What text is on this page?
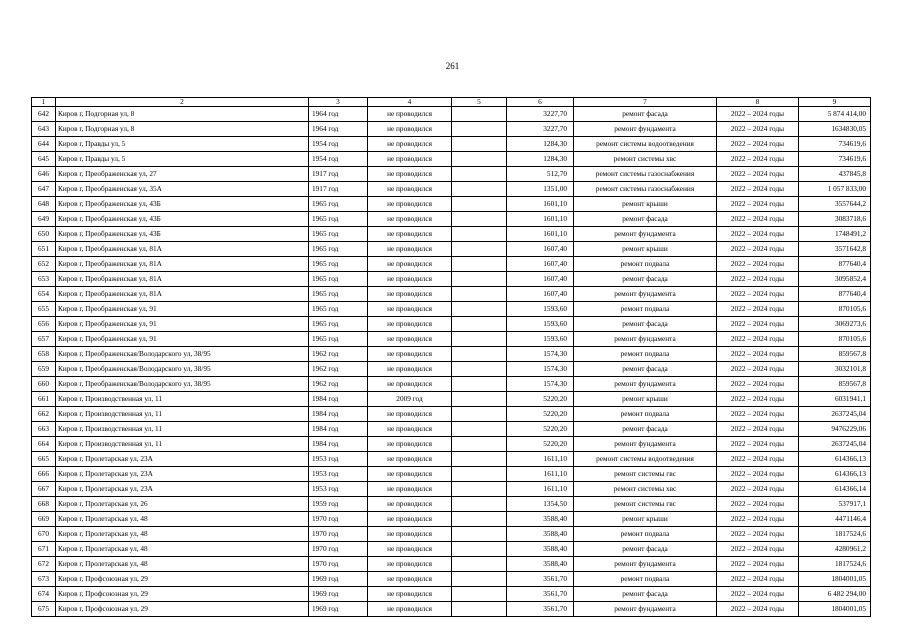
261
1	2	3	4	5	6	7	8	9
642	Киров г, Подгорная ул, 8	1964 год	не проводился		3227,70	ремонт фасада	2022 – 2024 годы	5 874 414,00
643	Киров г, Подгорная ул, 8	1964 год	не проводился		3227,70	ремонт фундамента	2022 – 2024 годы	1634830,05
644	Киров г, Правды ул, 5	1954 год	не проводился		1284,30	ремонт системы водоотведения	2022 – 2024 годы	734619,6
645	Киров г, Правды ул, 5	1954 год	не проводился		1284,30	ремонт системы хвс	2022 – 2024 годы	734619,6
646	Киров г, Преображенская ул, 27	1917 год	не проводился		512,70	ремонт системы газоснабжения	2022 – 2024 годы	437845,8
647	Киров г, Преображенская ул, 35А	1917 год	не проводился		1351,00	ремонт системы газоснабжения	2022 – 2024 годы	1 057 833,00
648	Киров г, Преображенская ул, 43Б	1965 год	не проводился		1601,10	ремонт крыши	2022 – 2024 годы	3557644,2
649	Киров г, Преображенская ул, 43Б	1965 год	не проводился		1601,10	ремонт фасада	2022 – 2024 годы	3083718,6
650	Киров г, Преображенская ул, 43Б	1965 год	не проводился		1601,10	ремонт фундамента	2022 – 2024 годы	1748491,2
651	Киров г, Преображенская ул, 81А	1965 год	не проводился		1607,40	ремонт крыши	2022 – 2024 годы	3571642,8
652	Киров г, Преображенская ул, 81А	1965 год	не проводился		1607,40	ремонт подвала	2022 – 2024 годы	877640,4
653	Киров г, Преображенская ул, 81А	1965 год	не проводился		1607,40	ремонт фасада	2022 – 2024 годы	3095852,4
654	Киров г, Преображенская ул, 81А	1965 год	не проводился		1607,40	ремонт фундамента	2022 – 2024 годы	877640,4
655	Киров г, Преображенская ул, 91	1965 год	не проводился		1593,60	ремонт подвала	2022 – 2024 годы	870105,6
656	Киров г, Преображенская ул, 91	1965 год	не проводился		1593,60	ремонт фасада	2022 – 2024 годы	3069273,6
657	Киров г, Преображенская ул, 91	1965 год	не проводился		1593,60	ремонт фундамента	2022 – 2024 годы	870105,6
658	Киров г, Преображенская/Володарского ул, 38/95	1962 год	не проводился		1574,30	ремонт подвала	2022 – 2024 годы	859567,8
659	Киров г, Преображенская/Володарского ул, 38/95	1962 год	не проводился		1574,30	ремонт фасада	2022 – 2024 годы	3032101,8
660	Киров г, Преображенская/Володарского ул, 38/95	1962 год	не проводился		1574,30	ремонт фундамента	2022 – 2024 годы	859567,8
661	Киров г, Производственная ул, 11	1984 год	2009 год		5220,20	ремонт крыши	2022 – 2024 годы	6031941,1
662	Киров г, Производственная ул, 11	1984 год	не проводился		5220,20	ремонт подвала	2022 – 2024 годы	2637245,04
663	Киров г, Производственная ул, 11	1984 год	не проводился		5220,20	ремонт фасада	2022 – 2024 годы	9476229,06
664	Киров г, Производственная ул, 11	1984 год	не проводился		5220,20	ремонт фундамента	2022 – 2024 годы	2637245,04
665	Киров г, Пролетарская ул, 23А	1953 год	не проводился		1611,10	ремонт системы водоотведения	2022 – 2024 годы	614366,13
666	Киров г, Пролетарская ул, 23А	1953 год	не проводился		1611,10	ремонт системы гвс	2022 – 2024 годы	614366,13
667	Киров г, Пролетарская ул, 23А	1953 год	не проводился		1611,10	ремонт системы хвс	2022 – 2024 годы	614366,14
668	Киров г, Пролетарская ул, 26	1959 год	не проводился		1354,50	ремонт системы гвс	2022 – 2024 годы	537917,1
669	Киров г, Пролетарская ул, 48	1970 год	не проводился		3588,40	ремонт крыши	2022 – 2024 годы	4471146,4
670	Киров г, Пролетарская ул, 48	1970 год	не проводился		3588,40	ремонт подвала	2022 – 2024 годы	1817524,6
671	Киров г, Пролетарская ул, 48	1970 год	не проводился		3588,40	ремонт фасада	2022 – 2024 годы	4280961,2
672	Киров г, Пролетарская ул, 48	1970 год	не проводился		3588,40	ремонт фундамента	2022 – 2024 годы	1817524,6
673	Киров г, Профсоюзная ул, 29	1969 год	не проводился		3561,70	ремонт подвала	2022 – 2024 годы	1804001,05
674	Киров г, Профсоюзная ул, 29	1969 год	не проводился		3561,70	ремонт фасада	2022 – 2024 годы	6 482 294,00
675	Киров г, Профсоюзная ул, 29	1969 год	не проводился		3561,70	ремонт фундамента	2022 – 2024 годы	1804001,05
